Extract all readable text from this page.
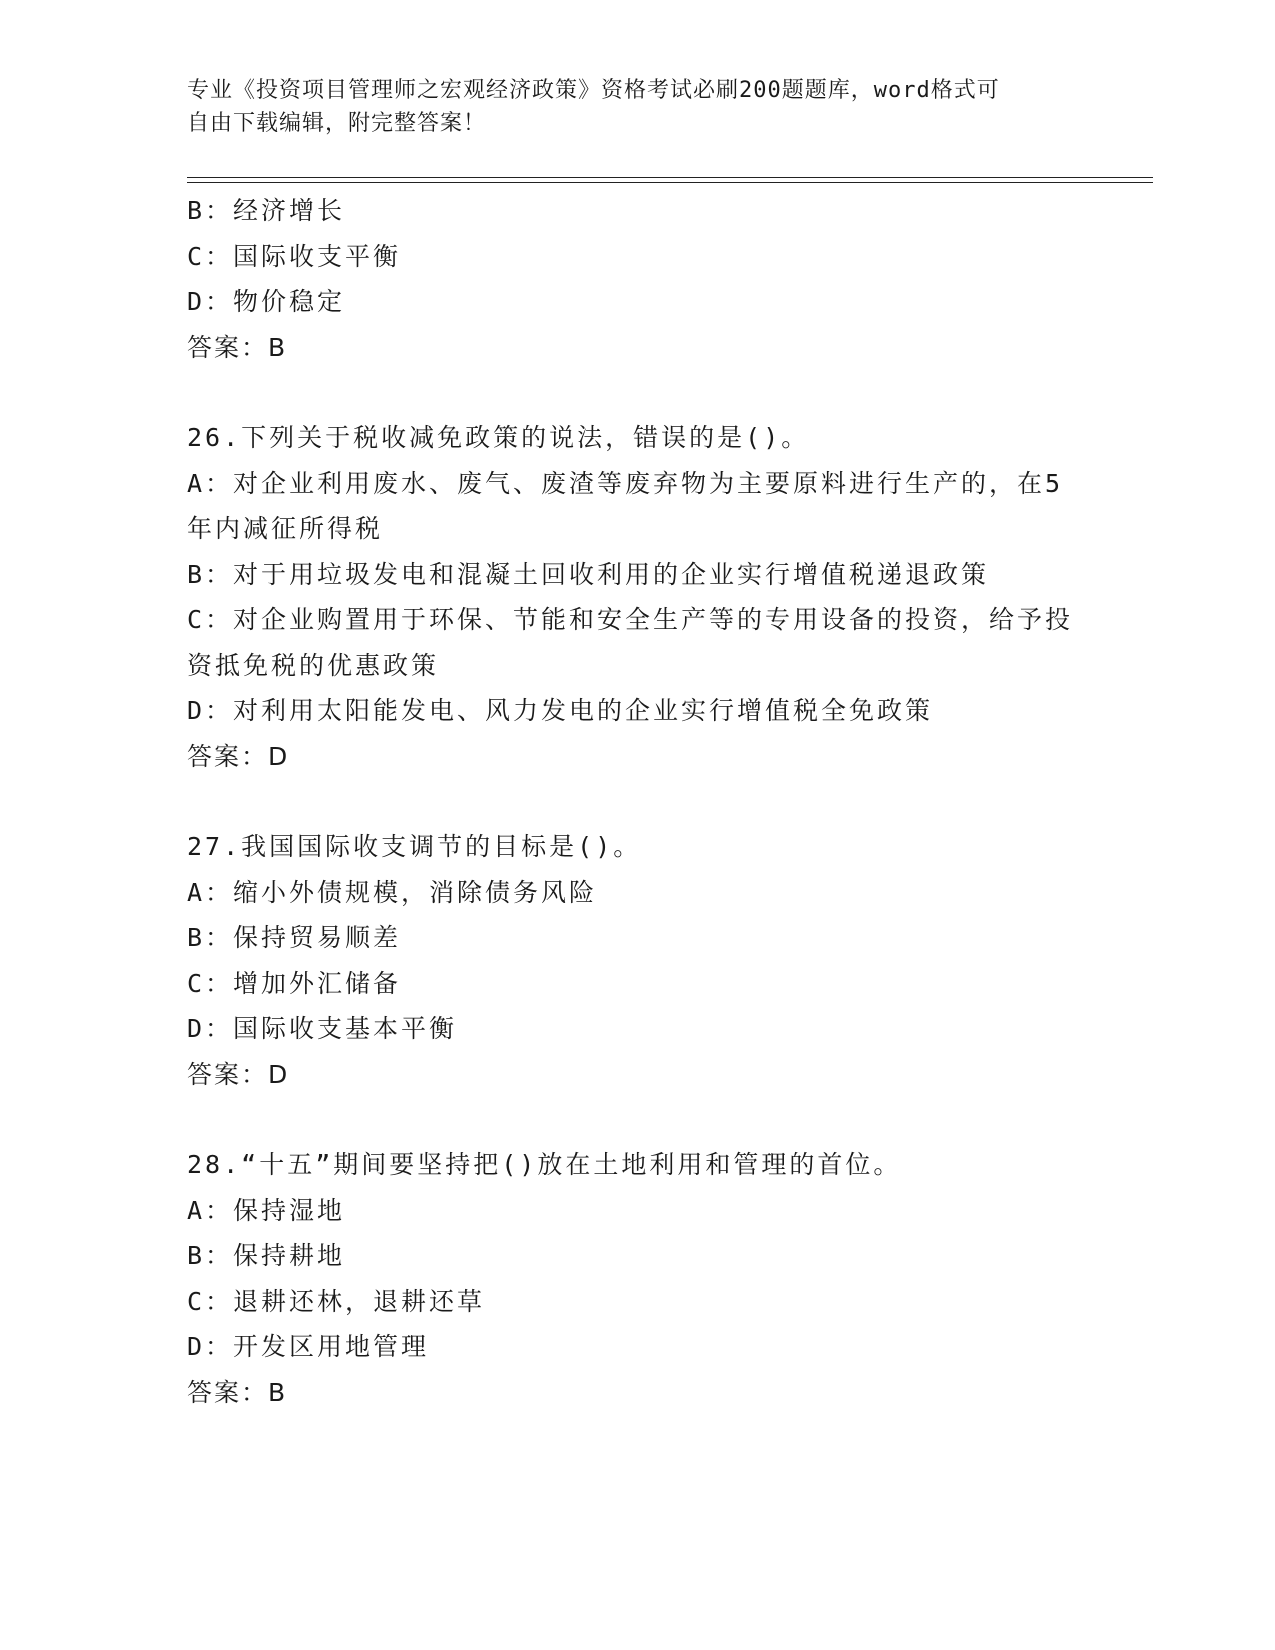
专业《投资项目管理师之宏观经济政策》资格考试必刷200题题库，word格式可
自由下载编辑，附完整答案！
B：经济增长
C：国际收支平衡
D：物价稳定
答案：B
26.下列关于税收减免政策的说法，错误的是()。
A：对企业利用废水、废气、废渣等废弃物为主要原料进行生产的，在5年内减征所得税
B：对于用垃圾发电和混凝土回收利用的企业实行增值税递退政策
C：对企业购置用于环保、节能和安全生产等的专用设备的投资，给予投资抵免税的优惠政策
D：对利用太阳能发电、风力发电的企业实行增值税全免政策
答案：D
27.我国国际收支调节的目标是()。
A：缩小外债规模，消除债务风险
B：保持贸易顺差
C：增加外汇储备
D：国际收支基本平衡
答案：D
28.“十五”期间要坚持把()放在土地利用和管理的首位。
A：保持湿地
B：保持耕地
C：退耕还林，退耕还草
D：开发区用地管理
答案：B
